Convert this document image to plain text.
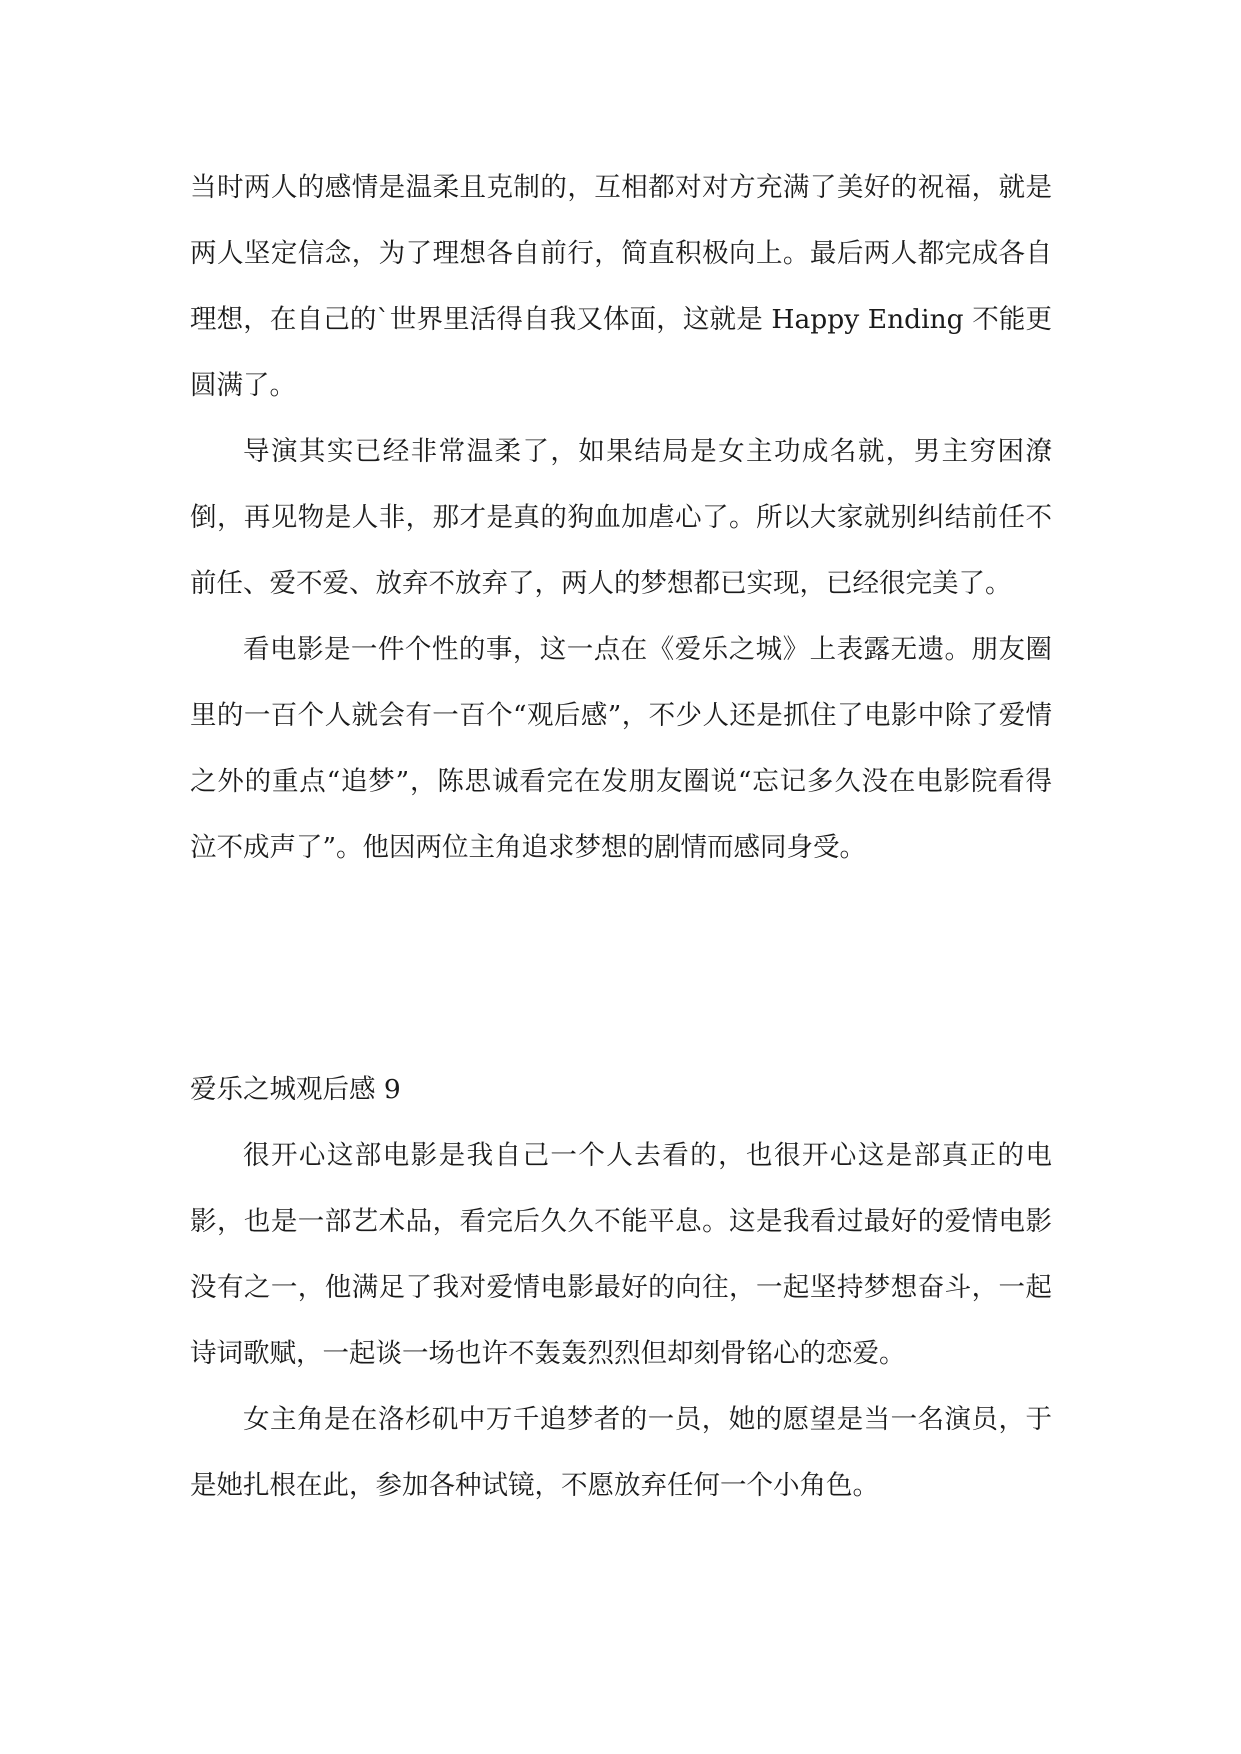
当时两人的感情是温柔且克制的，互相都对对方充满了美好的祝福，就是两人坚定信念，为了理想各自前行，简直积极向上。最后两人都完成各自理想，在自己的`世界里活得自我又体面，这就是 Happy Ending 不能更圆满了。

导演其实已经非常温柔了，如果结局是女主功成名就，男主穷困潦倒，再见物是人非，那才是真的狗血加虐心了。所以大家就别纠结前任不前任、爱不爱、放弃不放弃了，两人的梦想都已实现，已经很完美了。

看电影是一件个性的事，这一点在《爱乐之城》上表露无遗。朋友圈里的一百个人就会有一百个“观后感”，不少人还是抓住了电影中除了爱情之外的重点“追梦”，陈思诚看完在发朋友圈说“忘记多久没在电影院看得泣不成声了”。他因两位主角追求梦想的剧情而感同身受。

爱乐之城观后感 9

很开心这部电影是我自己一个人去看的，也很开心这是部真正的电影，也是一部艺术品，看完后久久不能平息。这是我看过最好的爱情电影没有之一，他满足了我对爱情电影最好的向往，一起坚持梦想奋斗，一起诗词歌赋，一起谈一场也许不轰轰烈烈但却刻骨铭心的恋爱。

女主角是在洛杉矶中万千追梦者的一员，她的愿望是当一名演员，于是她扎根在此，参加各种试镜，不愿放弃任何一个小角色。
